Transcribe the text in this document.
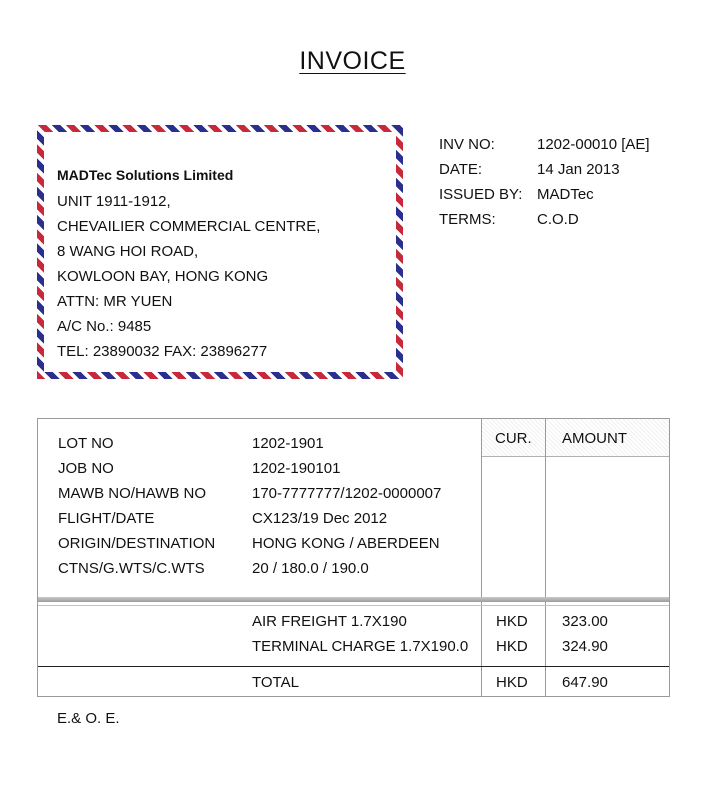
INVOICE
MADTec Solutions Limited
UNIT 1911-1912,
CHEVAILIER COMMERCIAL CENTRE,
8 WANG HOI ROAD,
KOWLOON BAY, HONG KONG
ATTN: MR YUEN
A/C No.: 9485
TEL: 23890032 FAX: 23896277
INV NO:	1202-00010 [AE]
DATE:	14 Jan 2013
ISSUED BY: MADTec
TERMS:	C.O.D
CUR. AMOUNT
LOT NO	1202-1901
JOB NO	1202-190101
MAWB NO/HAWB NO	170-7777777/1202-0000007
FLIGHT/DATE	CX123/19 Dec 2012
ORIGIN/DESTINATION HONG KONG / ABERDEEN
CTNS/G.WTS/C.WTS	20 / 180.0 / 190.0
AIR FREIGHT 1.7X190	HKD 323.00
TERMINAL CHARGE 1.7X190.0 HKD 324.90
TOTAL	HKD 647.90
E.& O. E.
